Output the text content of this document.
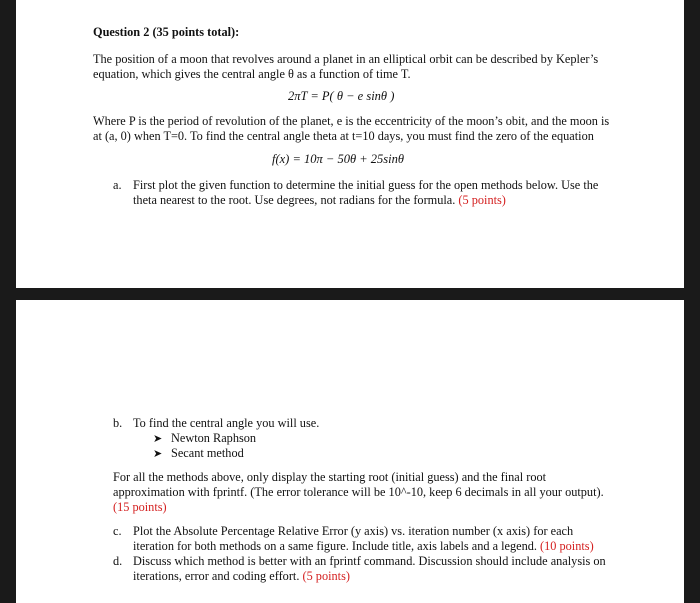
Question 2 (35 points total):
The position of a moon that revolves around a planet in an elliptical orbit can be described by Kepler’s
equation, which gives the central angle θ as a function of time T.
2πT = P( θ − e sinθ )
Where P is the period of revolution of the planet, e is the eccentricity of the moon’s obit, and the moon is
at (a, 0) when T=0. To find the central angle theta at t=10 days, you must find the zero of the equation
f(x) = 10π − 50θ + 25sinθ
a. First plot the given function to determine the initial guess for the open methods below. Use the
theta nearest to the root. Use degrees, not radians for the formula. (5 points)
b. To find the central angle you will use.
➤ Newton Raphson
➤ Secant method
For all the methods above, only display the starting root (initial guess) and the final root
approximation with fprintf. (The error tolerance will be 10^-10, keep 6 decimals in all your output).
(15 points)
c. Plot the Absolute Percentage Relative Error (y axis) vs. iteration number (x axis) for each
iteration for both methods on a same figure. Include title, axis labels and a legend. (10 points)
d. Discuss which method is better with an fprintf command. Discussion should include analysis on
iterations, error and coding effort. (5 points)
